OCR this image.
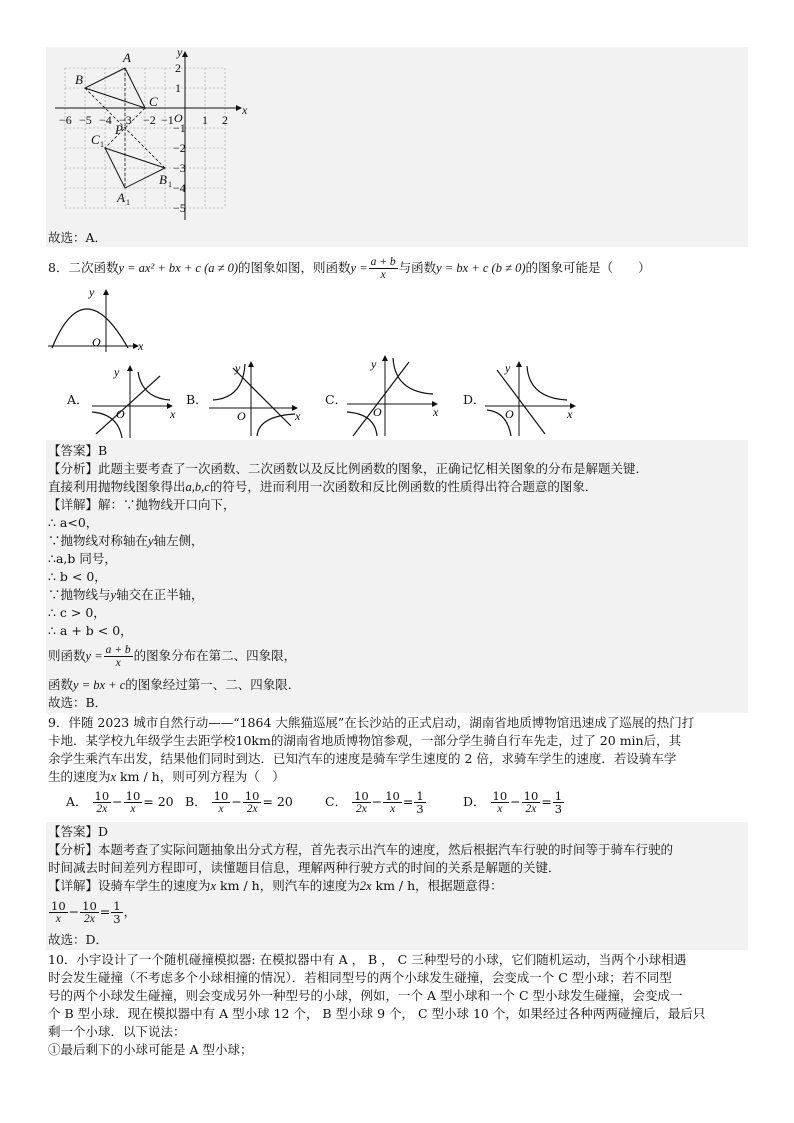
−6 −5 −4 −3 −2 −1 O 1 2
x
y
2
1
−1
−2
−3
−4
−5
A
B
C
P
C 1
A 1
B 1
故选：A．
8．二次函数y = ax² + bx + c (a ≠ 0)的图象如图，则函数$y = \frac{a + b}{x}$ 与函数y = bx + c (b ≠ 0)的图象可能是（　　）
y
x
O
A．
y
x
O
B．
y
x
O
C．
y
x
O
D．
y
x
O
【答案】B
【分析】此题主要考查了一次函数、二次函数以及反比例函数的图象，正确记忆相关图象的分布是解题关键．
直接利用抛物线图象得出a,b,c的符号，进而利用一次函数和反比例函数的性质得出符合题意的图象．
【详解】解：∵抛物线开口向下，
∴ a<0，
∵抛物线对称轴在y轴左侧，
∴a,b 同号，
∴ b < 0，
∵抛物线与y轴交在正半轴，
∴ c > 0，
∴ a + b < 0，
则函数$y = \frac{a + b}{x}$ 的图象分布在第二、四象限，
函数y = bx + c的图象经过第一、二、四象限．
故选：B．
9．伴随 2023 城市自然行动——“1864 大熊猫巡展”在长沙站的正式启动，湖南省地质博物馆迅速成了巡展的热门打
卡地．某学校九年级学生去距学校10km的湖南省地质博物馆参观，一部分学生骑自行车先走，过了 20 min后，其
余学生乘汽车出发，结果他们同时到达．已知汽车的速度是骑车学生速度的 2 倍，求骑车学生的速度．若设骑车学
生的速度为x km / h，则可列方程为（　）
A． $\frac{10}{2x} - \frac{10}{x} = 20$ B． $\frac{10}{x} - \frac{10}{2x} = 20$	C． $\frac{10}{2x} - \frac{10}{x} = \frac{1}{3}$	D． $\frac{10}{x} - \frac{10}{2x} = \frac{1}{3}$
【答案】D
【分析】本题考查了实际问题抽象出分式方程，首先表示出汽车的速度，然后根据汽车行驶的时间等于骑车行驶的
时间减去时间差列方程即可，读懂题目信息，理解两种行驶方式的时间的关系是解题的关键．
【详解】设骑车学生的速度为x km / h，则汽车的速度为2x km / h，根据题意得：
$\frac{10}{x} - \frac{10}{2x} = \frac{1}{3}$ ，
故选：D．
10．小宇设计了一个随机碰撞模拟器: 在模拟器中有 A ， B ， C 三种型号的小球，它们随机运动，当两个小球相遇
时会发生碰撞（不考虑多个小球相撞的情况）．若相同型号的两个小球发生碰撞，会变成一个 C 型小球；若不同型
号的两个小球发生碰撞，则会变成另外一种型号的小球，例如，一个 A 型小球和一个 C 型小球发生碰撞，会变成一
个 B 型小球．现在模拟器中有 A 型小球 12 个， B 型小球 9 个， C 型小球 10 个，如果经过各种两两碰撞后，最后只
剩一个小球．以下说法：
①最后剩下的小球可能是 A 型小球；
